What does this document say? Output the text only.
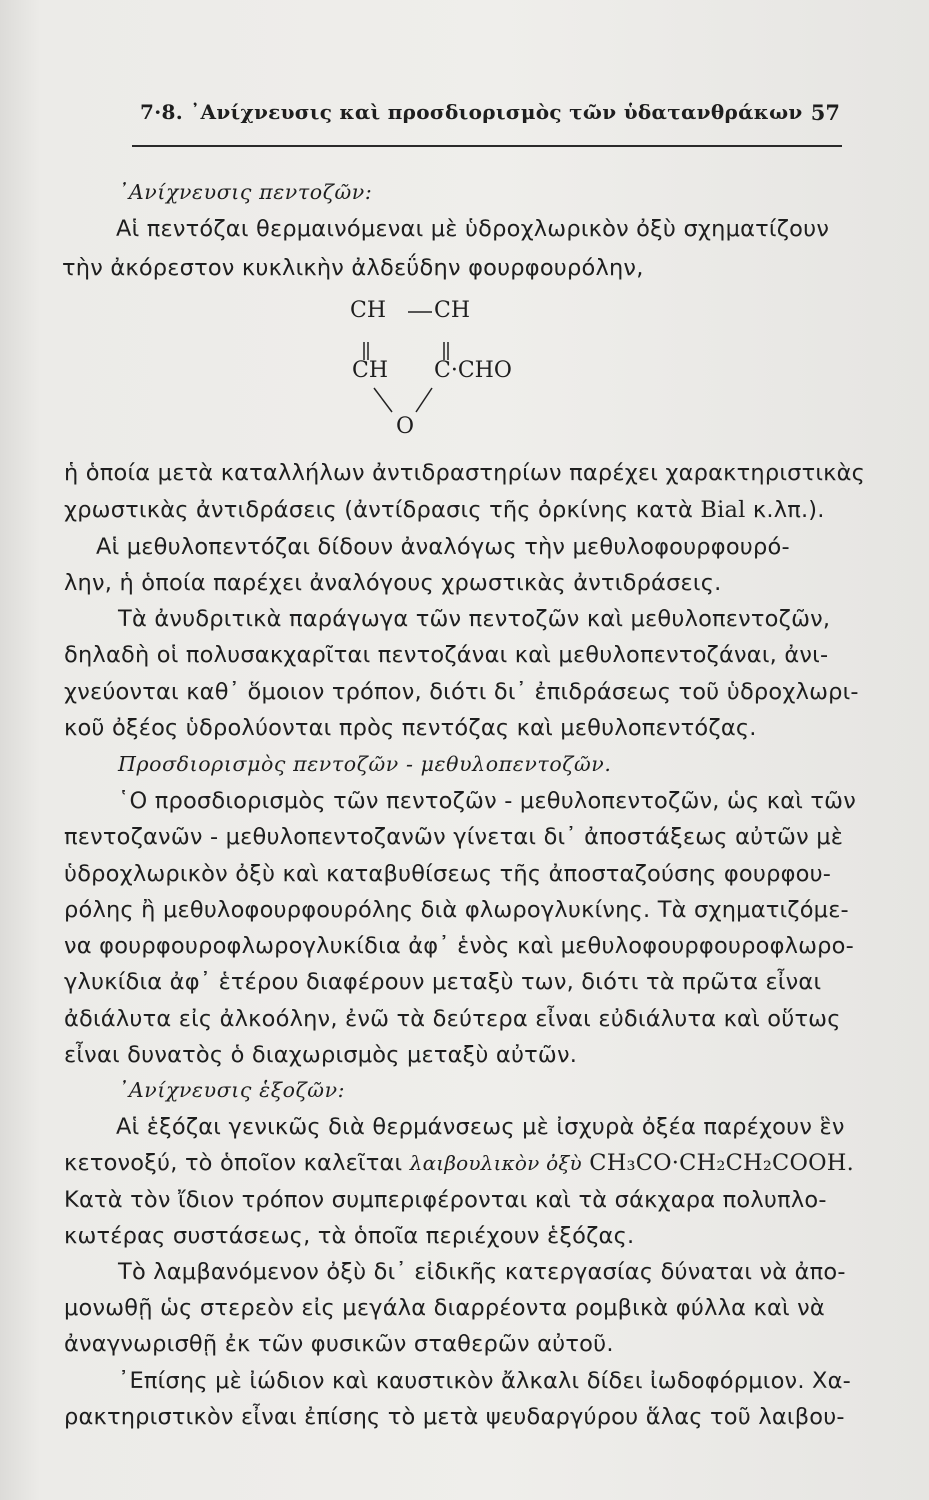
7·8. ᾿Ανίχνευσις καὶ προσδιορισμὸς τῶν ὑδατανθράκων 57
᾿Ανίχνευσις πεντοζῶν:
Αἱ πεντόζαι θερμαινόμεναι μὲ ὑδροχλωρικὸν ὀξὺ σχηματίζουν
τὴν ἀκόρεστον κυκλικὴν ἀλδεΰδην φουρφουρόλην,
CH CH
CH C·CHO
O
ἡ ὁποία μετὰ καταλλήλων ἀντιδραστηρίων παρέχει χαρακτηριστικὰς
χρωστικὰς ἀντιδράσεις (ἀντίδρασις τῆς ὀρκίνης κατὰ Bial κ.λπ.).
Αἱ μεθυλοπεντόζαι δίδουν ἀναλόγως τὴν μεθυλοφουρφουρό-
λην, ἡ ὁποία παρέχει ἀναλόγους χρωστικὰς ἀντιδράσεις.
Τὰ ἀνυδριτικὰ παράγωγα τῶν πεντοζῶν καὶ μεθυλοπεντοζῶν,
δηλαδὴ οἱ πολυσακχαρῖται πεντοζάναι καὶ μεθυλοπεντοζάναι, ἀνι-
χνεύονται καθ᾿ ὅμοιον τρόπον, διότι δι᾿ ἐπιδράσεως τοῦ ὑδροχλωρι-
κοῦ ὀξέος ὑδρολύονται πρὸς πεντόζας καὶ μεθυλοπεντόζας.
Προσδιορισμὸς πεντοζῶν - μεθυλοπεντοζῶν.
῾Ο προσδιορισμὸς τῶν πεντοζῶν - μεθυλοπεντοζῶν, ὡς καὶ τῶν
πεντοζανῶν - μεθυλοπεντοζανῶν γίνεται δι᾿ ἀποστάξεως αὐτῶν μὲ
ὑδροχλωρικὸν ὀξὺ καὶ καταβυθίσεως τῆς ἀποσταζούσης φουρφου-
ρόλης ἢ μεθυλοφουρφουρόλης διὰ φλωρογλυκίνης. Τὰ σχηματιζόμε-
να φουρφουροφλωρογλυκίδια ἀφ᾿ ἑνὸς καὶ μεθυλοφουρφουροφλωρο-
γλυκίδια ἀφ᾿ ἑτέρου διαφέρουν μεταξὺ των, διότι τὰ πρῶτα εἶναι
ἀδιάλυτα εἰς ἀλκοόλην, ἐνῶ τὰ δεύτερα εἶναι εὐδιάλυτα καὶ οὕτως
εἶναι δυνατὸς ὁ διαχωρισμὸς μεταξὺ αὐτῶν.
᾿Ανίχνευσις ἑξοζῶν:
Αἱ ἑξόζαι γενικῶς διὰ θερμάνσεως μὲ ἰσχυρὰ ὀξέα παρέχουν ἓν
κετονοξύ, τὸ ὁποῖον καλεῖται λαιβουλικὸν ὀξὺ CH₃CO·CH₂CH₂COOH.
Κατὰ τὸν ἴδιον τρόπον συμπεριφέρονται καὶ τὰ σάκχαρα πολυπλο-
κωτέρας συστάσεως, τὰ ὁποῖα περιέχουν ἑξόζας.
Τὸ λαμβανόμενον ὀξὺ δι᾿ εἰδικῆς κατεργασίας δύναται νὰ ἀπο-
μονωθῇ ὡς στερεὸν εἰς μεγάλα διαρρέοντα ρομβικὰ φύλλα καὶ νὰ
ἀναγνωρισθῇ ἐκ τῶν φυσικῶν σταθερῶν αὐτοῦ.
᾿Επίσης μὲ ἰώδιον καὶ καυστικὸν ἄλκαλι δίδει ἰωδοφόρμιον. Χα-
ρακτηριστικὸν εἶναι ἐπίσης τὸ μετὰ ψευδαργύρου ἅλας τοῦ λαιβου-
